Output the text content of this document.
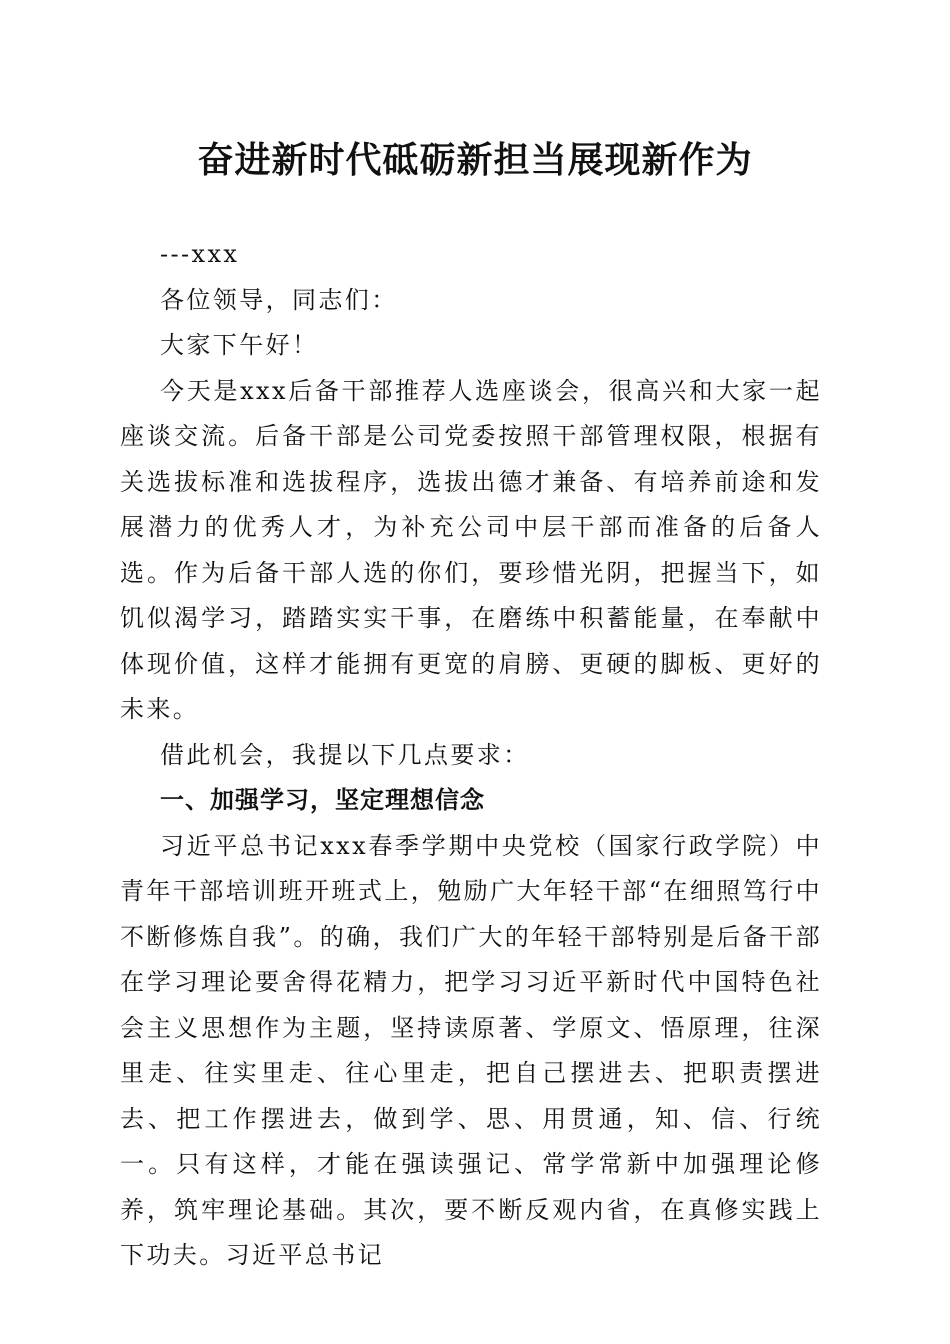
奋进新时代砥砺新担当展现新作为

---xxx

各位领导，同志们：

大家下午好！

今天是xxx后备干部推荐人选座谈会，很高兴和大家一起座谈交流。后备干部是公司党委按照干部管理权限，根据有关选拔标准和选拔程序，选拔出德才兼备、有培养前途和发展潜力的优秀人才，为补充公司中层干部而准备的后备人选。作为后备干部人选的你们，要珍惜光阴，把握当下，如饥似渴学习，踏踏实实干事，在磨练中积蓄能量，在奉献中体现价值，这样才能拥有更宽的肩膀、更硬的脚板、更好的未来。

借此机会，我提以下几点要求：

一、加强学习，坚定理想信念

习近平总书记xxx春季学期中央党校（国家行政学院）中青年干部培训班开班式上，勉励广大年轻干部“在细照笃行中不断修炼自我”。的确，我们广大的年轻干部特别是后备干部在学习理论要舍得花精力，把学习习近平新时代中国特色社会主义思想作为主题，坚持读原著、学原文、悟原理，往深里走、往实里走、往心里走，把自己摆进去、把职责摆进去、把工作摆进去，做到学、思、用贯通，知、信、行统一。只有这样，才能在强读强记、常学常新中加强理论修养，筑牢理论基础。其次，要不断反观内省，在真修实践上下功夫。习近平总书记
